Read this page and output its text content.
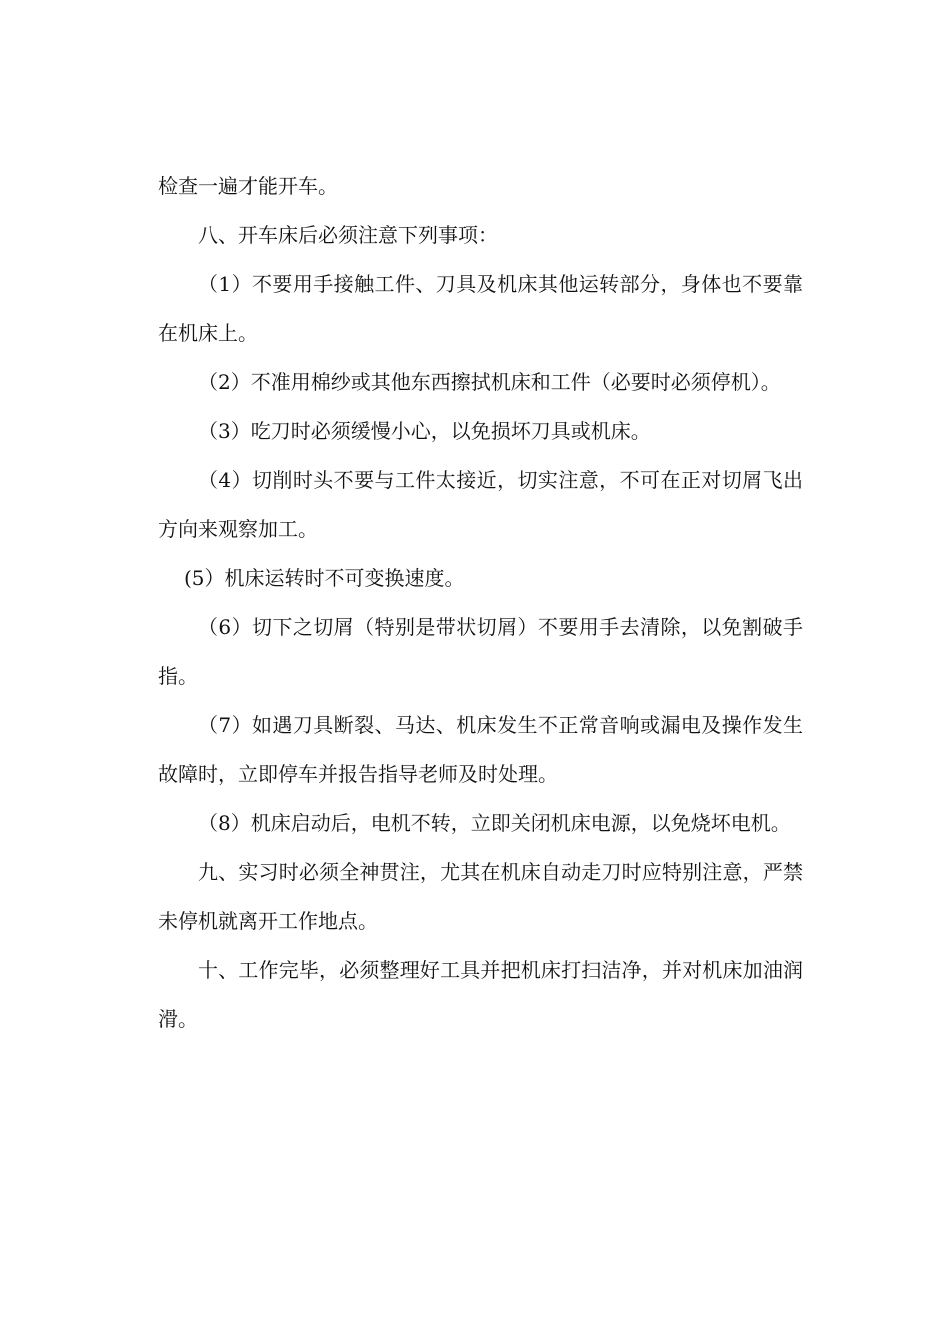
检查一遍才能开车。

八、开车床后必须注意下列事项：

（1）不要用手接触工件、刀具及机床其他运转部分，身体也不要靠在机床上。

（2）不准用棉纱或其他东西擦拭机床和工件（必要时必须停机）。

（3）吃刀时必须缓慢小心，以免损坏刀具或机床。

（4）切削时头不要与工件太接近，切实注意，不可在正对切屑飞出方向来观察加工。

(5）机床运转时不可变换速度。

（6）切下之切屑（特别是带状切屑）不要用手去清除，以免割破手指。

（7）如遇刀具断裂、马达、机床发生不正常音响或漏电及操作发生故障时，立即停车并报告指导老师及时处理。

（8）机床启动后，电机不转，立即关闭机床电源，以免烧坏电机。

九、实习时必须全神贯注，尤其在机床自动走刀时应特别注意，严禁未停机就离开工作地点。

十、工作完毕，必须整理好工具并把机床打扫洁净，并对机床加油润滑。
